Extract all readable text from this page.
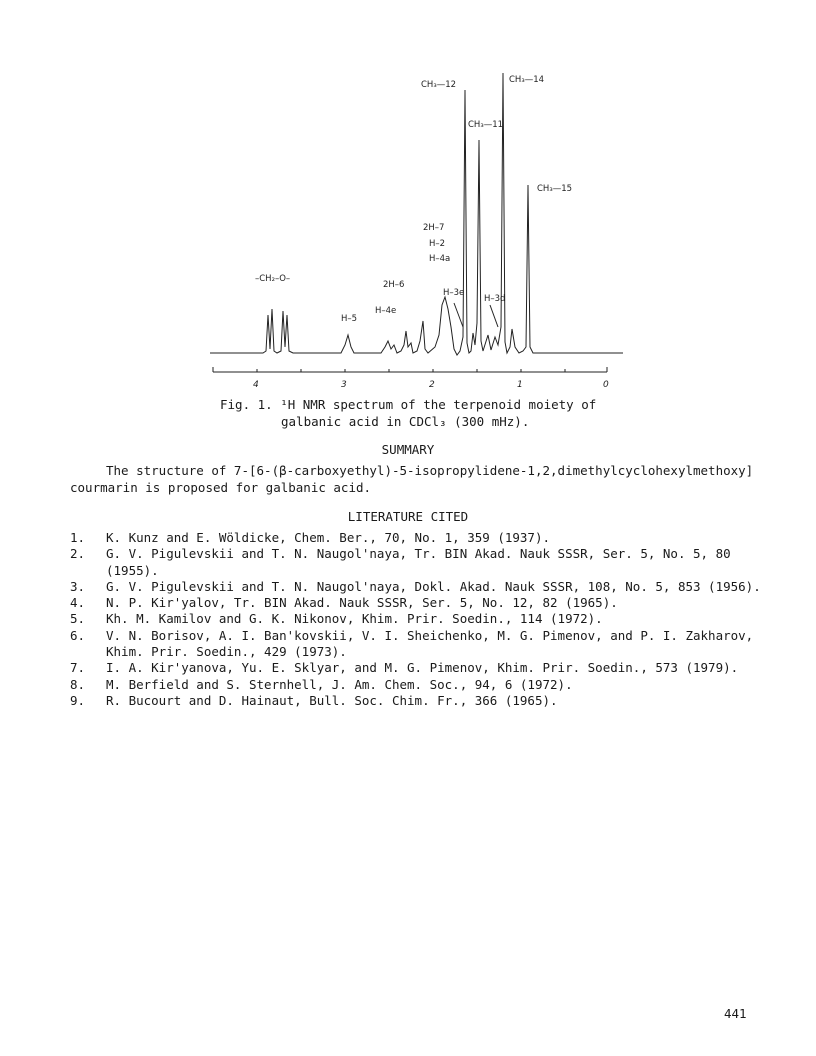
CH₃—12	CH₃—14
CH₃—11
CH₃—15
2H–7
H–2
H–4a
–CH₂–O–
2H–6
H–3e
H–3d
H–4e
H–5
4	3	2	1	0
Fig. 1. ¹H NMR spectrum of the terpenoid moiety of
galbanic acid in CDCl₃ (300 mHz).
SUMMARY
The structure of 7-[6-(β-carboxyethyl)-5-isopropylidene-1,2,dimethylcyclohexylmethoxy]
courmarin is proposed for galbanic acid.
LITERATURE CITED
1. K. Kunz and E. Wöldicke, Chem. Ber., 70, No. 1, 359 (1937).
2. G. V. Pigulevskii and T. N. Naugol'naya, Tr. BIN Akad. Nauk SSSR, Ser. 5, No. 5, 80 (1955).
3. G. V. Pigulevskii and T. N. Naugol'naya, Dokl. Akad. Nauk SSSR, 108, No. 5, 853 (1956).
4. N. P. Kir'yalov, Tr. BIN Akad. Nauk SSSR, Ser. 5, No. 12, 82 (1965).
5. Kh. M. Kamilov and G. K. Nikonov, Khim. Prir. Soedin., 114 (1972).
6. V. N. Borisov, A. I. Ban'kovskii, V. I. Sheichenko, M. G. Pimenov, and P. I. Zakharov, Khim. Prir. Soedin., 429 (1973).
7. I. A. Kir'yanova, Yu. E. Sklyar, and M. G. Pimenov, Khim. Prir. Soedin., 573 (1979).
8. M. Berfield and S. Sternhell, J. Am. Chem. Soc., 94, 6 (1972).
9. R. Bucourt and D. Hainaut, Bull. Soc. Chim. Fr., 366 (1965).
441
